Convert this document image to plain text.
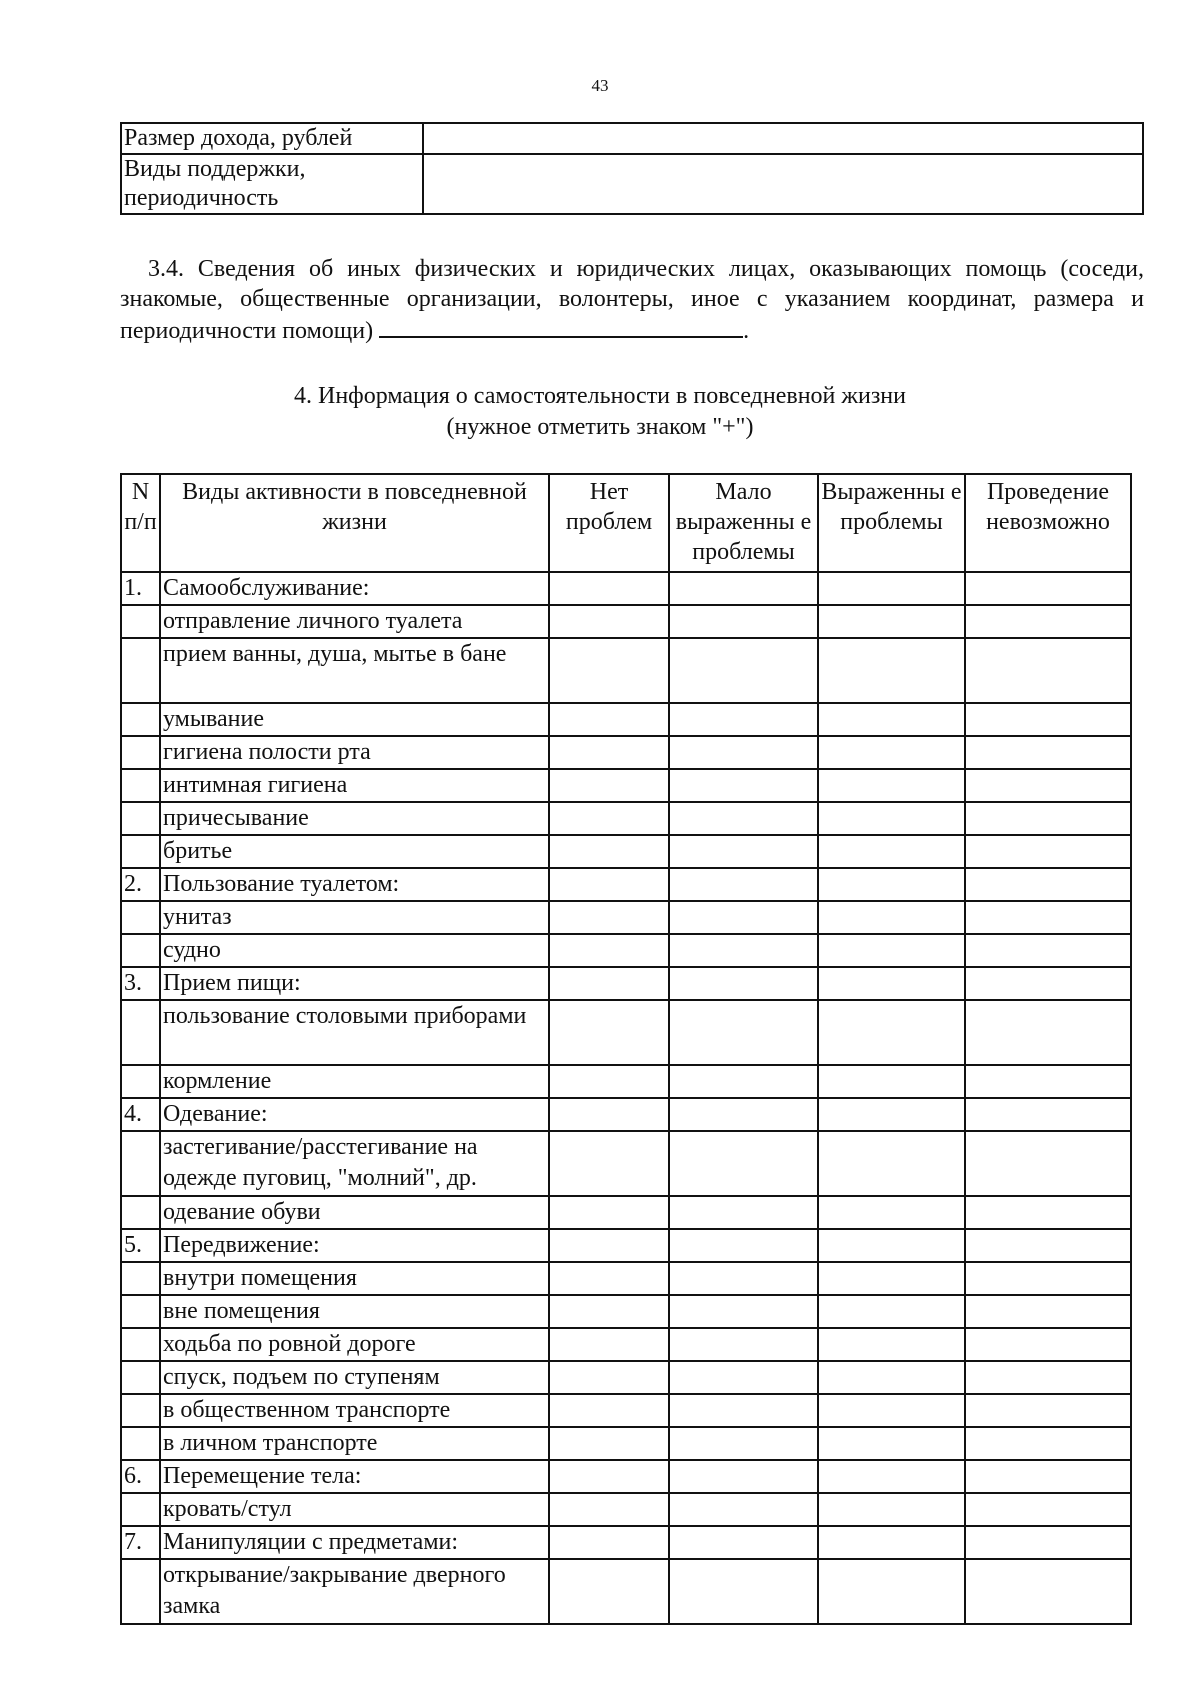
43
Размер дохода, рублей	
Виды поддержки, периодичность	

3.4. Сведения об иных физических и юридических лицах, оказывающих помощь (соседи, знакомые, общественные организации, волонтеры, иное с указанием координат, размера и периодичности помощи)	.

4. Информация о самостоятельности в повседневной жизни

(нужное отметить знаком "+")

N п/п	Виды активности в повседневной жизни	Нет проблем	Мало выраженны е проблемы	Выраженны е проблемы	Проведение невозможно
1.	Самообслуживание:				
	отправление личного туалета				
	прием ванны, душа, мытье в бане				
	умывание				
	гигиена полости рта				
	интимная гигиена				
	причесывание				
	бритье				
2.	Пользование туалетом:				
	унитаз				
	судно				
3.	Прием пищи:				
	пользование столовыми приборами				
	кормление				
4.	Одевание:				
	застегивание/расстегивание на одежде пуговиц, "молний", др.				
	одевание обуви				
5.	Передвижение:				
	внутри помещения				
	вне помещения				
	ходьба по ровной дороге				
	спуск, подъем по ступеням				
	в общественном транспорте				
	в личном транспорте				
6.	Перемещение тела:				
	кровать/стул				
7.	Манипуляции с предметами:				
	открывание/закрывание дверного замка				
